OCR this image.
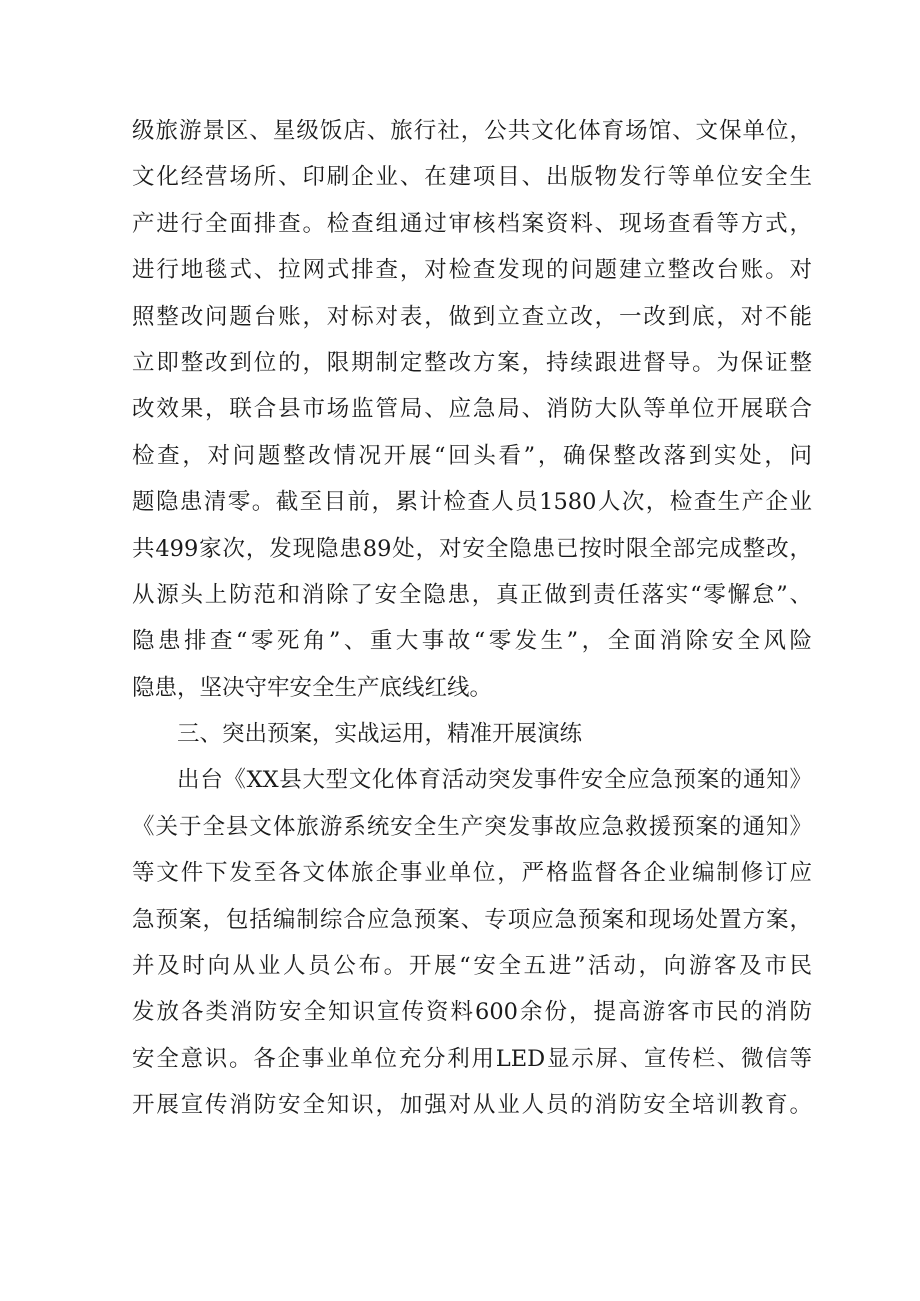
级旅游景区、星级饭店、旅行社，公共文化体育场馆、文保单位，
文化经营场所、印刷企业、在建项目、出版物发行等单位安全生
产进行全面排查。检查组通过审核档案资料、现场查看等方式，
进行地毯式、拉网式排查，对检查发现的问题建立整改台账。对
照整改问题台账，对标对表，做到立查立改，一改到底，对不能
立即整改到位的，限期制定整改方案，持续跟进督导。为保证整
改效果，联合县市场监管局、应急局、消防大队等单位开展联合
检查，对问题整改情况开展“回头看”，确保整改落到实处，问
题隐患清零。截至目前，累计检查人员1580人次，检查生产企业
共499家次，发现隐患89处，对安全隐患已按时限全部完成整改，
从源头上防范和消除了安全隐患，真正做到责任落实“零懈怠”、
隐患排查“零死角”、重大事故“零发生”，全面消除安全风险
隐患，坚决守牢安全生产底线红线。
三、突出预案，实战运用，精准开展演练
出台《XX县大型文化体育活动突发事件安全应急预案的通知》
《关于全县文体旅游系统安全生产突发事故应急救援预案的通知》
等文件下发至各文体旅企事业单位，严格监督各企业编制修订应
急预案，包括编制综合应急预案、专项应急预案和现场处置方案，
并及时向从业人员公布。开展“安全五进”活动，向游客及市民
发放各类消防安全知识宣传资料600余份，提高游客市民的消防
安全意识。各企事业单位充分利用LED显示屏、宣传栏、微信等
开展宣传消防安全知识，加强对从业人员的消防安全培训教育。
